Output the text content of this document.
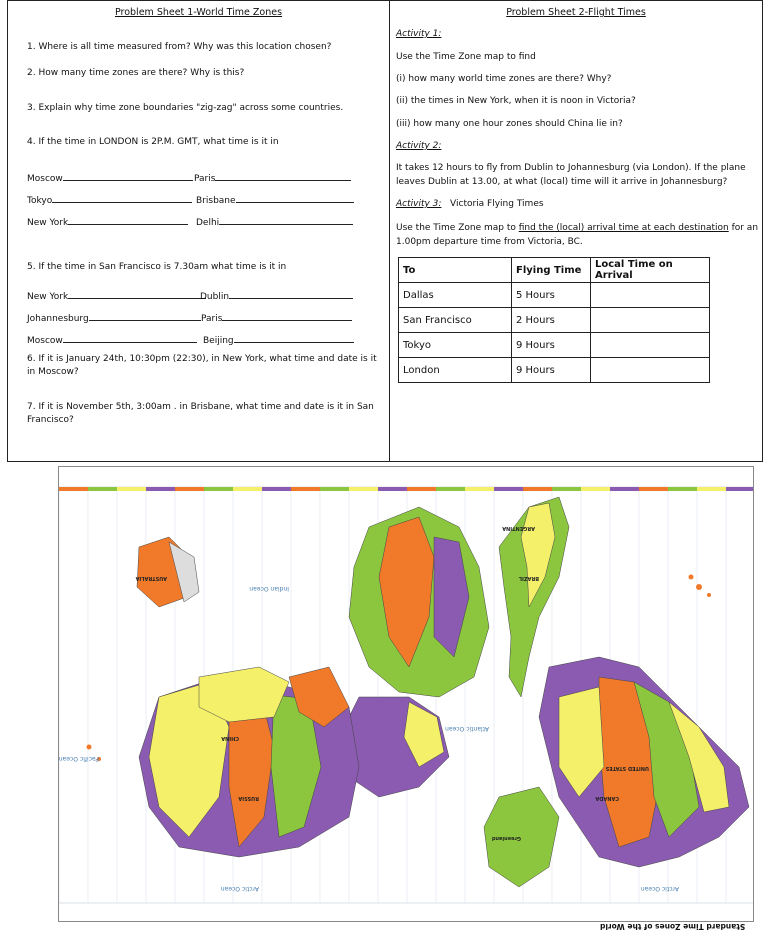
Problem Sheet 1-World Time Zones
1. Where is all time measured from? Why was this location chosen?
2. How many time zones are there? Why is this?
3. Explain why time zone boundaries "zig-zag" across some countries.
4. If the time in LONDON is 2P.M. GMT, what time is it in
Moscow	Paris
Tokyo	Brisbane
New York	Delhi
5. If the time in San Francisco is 7.30am what time is it in
New York	Dublin
Johannesburg	Paris
Moscow	Beijing
6. If it is January 24th, 10:30pm (22:30), in New York, what time and date is it in Moscow?
7. If it is November 5th, 3:00am . in Brisbane, what time and date is it in San Francisco?
Problem Sheet 2-Flight Times

Activity 1:

Use the Time Zone map to find

(i) how many world time zones are there? Why?

(ii) the times in New York, when it is noon in Victoria?

(iii) how many one hour zones should China lie in?

Activity 2:

It takes 12 hours to fly from Dublin to Johannesburg (via London). If the plane leaves Dublin at 13.00, at what (local) time will it arrive in Johannesburg?

Activity 3: Victoria Flying Times

Use the Time Zone map to find the (local) arrival time at each destination for an 1.00pm departure time from Victoria, BC.

To	Flying Time	Local Time on Arrival
Dallas	5 Hours	
San Francisco	2 Hours	
Tokyo	9 Hours	
London	9 Hours	
Arctic Ocean	Arctic Ocean
Indian Ocean
Atlantic Ocean
Pacific Ocean
UNITED STATES
CANADA
BRAZIL
ARGENTINA
CHINA
RUSSIA
AUSTRALIA
Greenland
Standard Time Zones of the World
